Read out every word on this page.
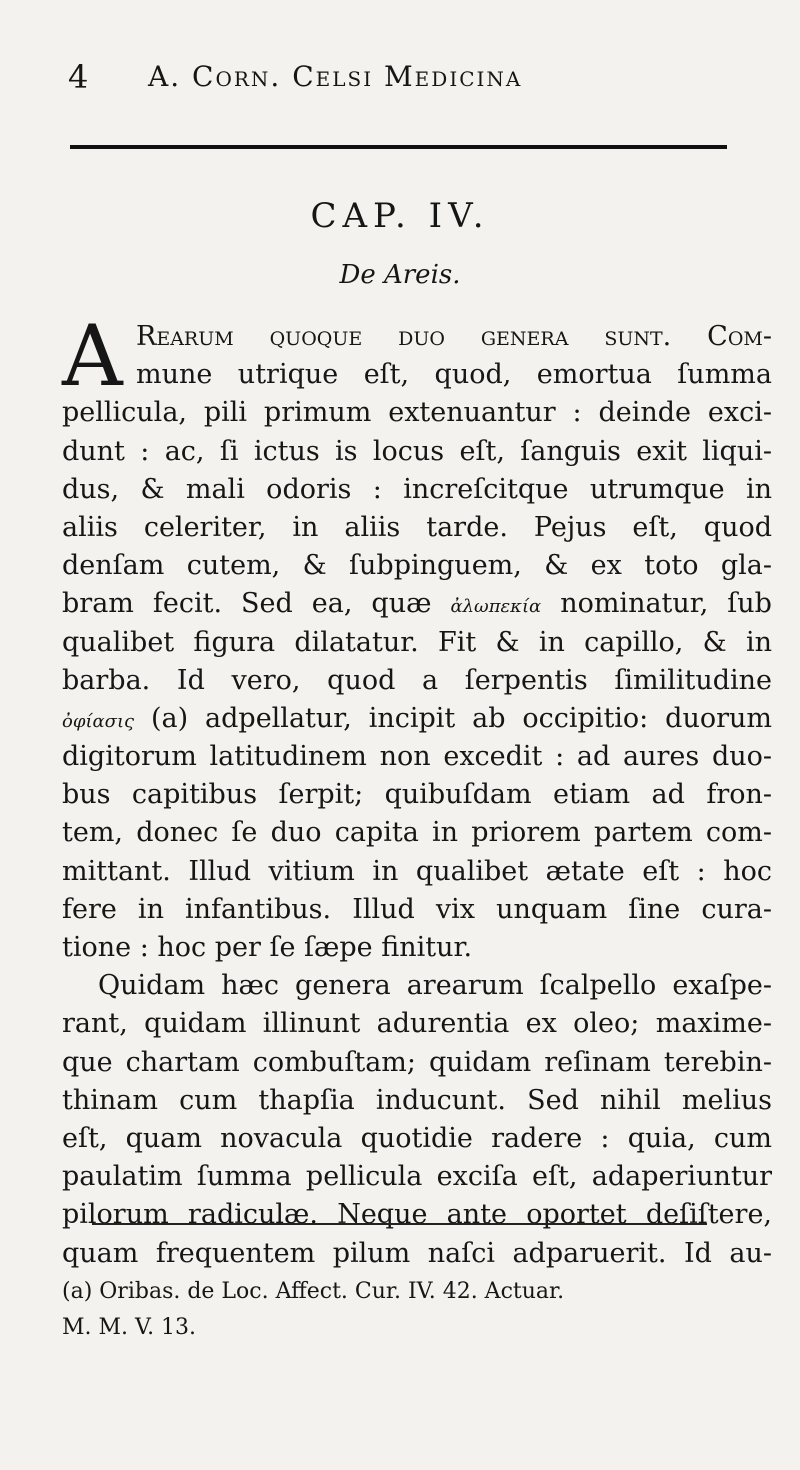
4 A. Corn. Celsi Medicina
CAP. IV.
De Areis.
A Rearum quoque duo genera ſunt. Com-
mune utrique eſt, quod, emortua ſumma
pellicula, pili primum extenuantur : deinde exci-
dunt : ac, ſi ictus is locus eſt, ſanguis exit liqui-
dus, & mali odoris : increſcitque utrumque in
aliis celeriter, in aliis tarde. Pejus eſt, quod
denſam cutem, & ſubpinguem, & ex toto gla-
bram fecit. Sed ea, quæ ἀλωπεκία nominatur, ſub
qualibet figura dilatatur. Fit & in capillo, & in
barba. Id vero, quod a ſerpentis ſimilitudine
ὀφίασις (a) adpellatur, incipit ab occipitio: duorum
digitorum latitudinem non excedit : ad aures duo-
bus capitibus ſerpit; quibuſdam etiam ad fron-
tem, donec ſe duo capita in priorem partem com-
mittant. Illud vitium in qualibet ætate eſt : hoc
fere in infantibus. Illud vix unquam ſine cura-
tione : hoc per ſe ſæpe finitur.
Quidam hæc genera arearum ſcalpello exaſpe-
rant, quidam illinunt adurentia ex oleo; maxime-
que chartam combuſtam; quidam reſinam terebin-
thinam cum thapſia inducunt. Sed nihil melius
eſt, quam novacula quotidie radere : quia, cum
paulatim ſumma pellicula exciſa eſt, adaperiuntur
pilorum radiculæ. Neque ante oportet deſiſtere,
quam frequentem pilum naſci adparuerit. Id au-
(a) Oribas. de Loc. Affect. Cur. IV. 42. Actuar.
M. M. V. 13.
